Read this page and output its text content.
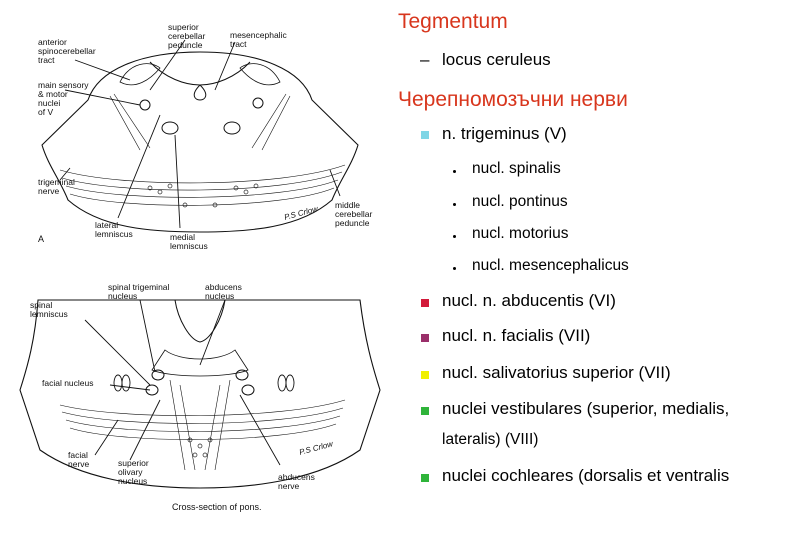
superior cerebellar peduncle
mesencephalic tract
anterior spinocerebellar tract
main sensory & motor nuclei of V
trigeminal nerve
lateral lemniscus	medial lemniscus
middle cerebellar peduncle
A
P.S Crlow
spinal trigeminal nucleus
abducens nucleus
spinal lemniscus
facial nucleus
facial nerve	superior olivary nucleus	abducens nerve
Cross-section of pons.
P.S Crlow
Tegmentum
– locus ceruleus
Черепномозъчни нерви
n. trigeminus (V)
nucl. spinalis
nucl. pontinus
nucl. motorius
nucl. mesencephalicus
nucl. n. abducentis (VI)
nucl. n. facialis (VII)
nucl. salivatorius superior (VII)
nuclei vestibulares (superior, medialis,
lateralis) (VIII)
nuclei cochleares (dorsalis et ventralis
